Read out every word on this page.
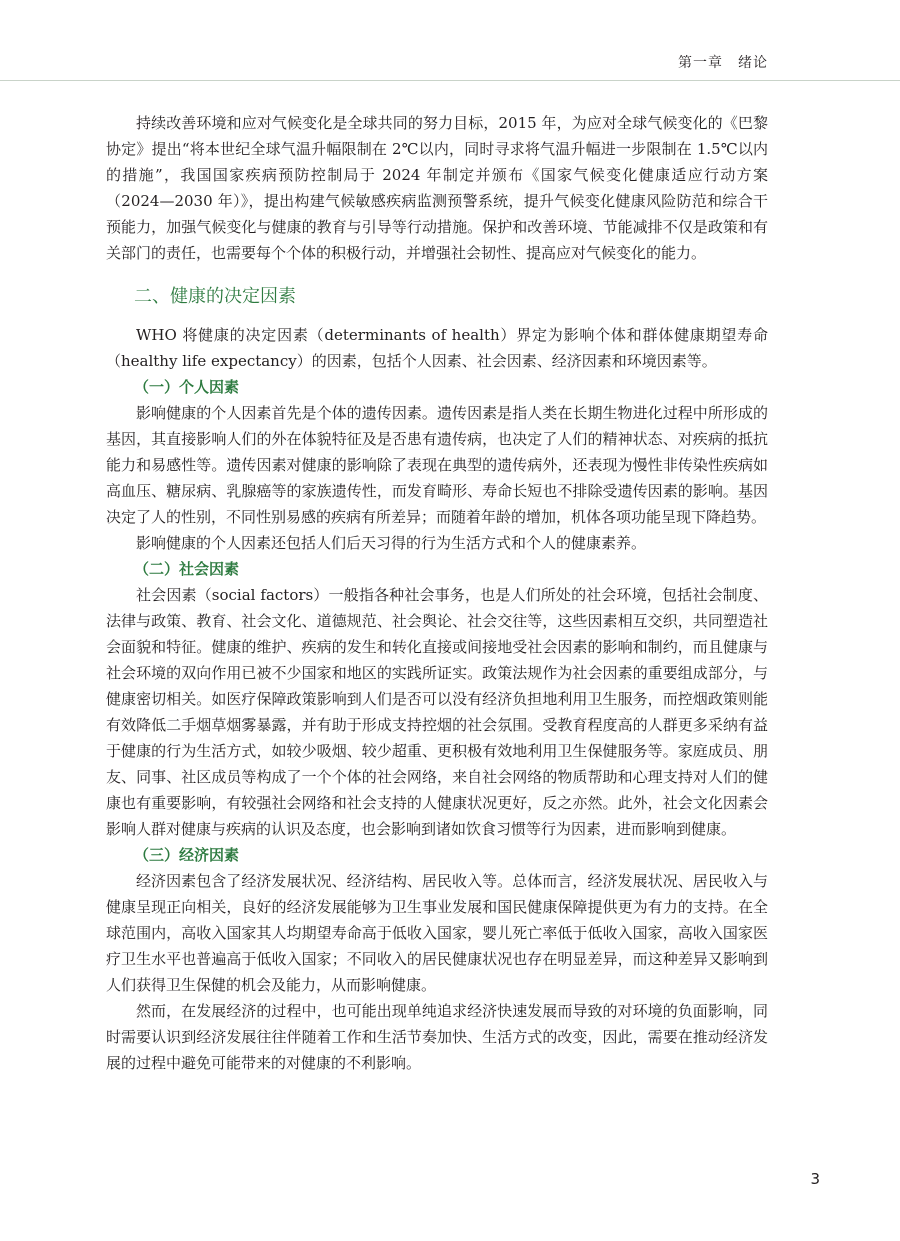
第一章　绪论

持续改善环境和应对气候变化是全球共同的努力目标，2015 年，为应对全球气候变化的《巴黎协定》提出“将本世纪全球气温升幅限制在 2℃以内，同时寻求将气温升幅进一步限制在 1.5℃以内的措施”，我国国家疾病预防控制局于 2024 年制定并颁布《国家气候变化健康适应行动方案（2024—2030 年）》，提出构建气候敏感疾病监测预警系统，提升气候变化健康风险防范和综合干预能力，加强气候变化与健康的教育与引导等行动措施。保护和改善环境、节能减排不仅是政策和有关部门的责任，也需要每个个体的积极行动，并增强社会韧性、提高应对气候变化的能力。

二、健康的决定因素

WHO 将健康的决定因素（determinants of health）界定为影响个体和群体健康期望寿命（healthy life expectancy）的因素，包括个人因素、社会因素、经济因素和环境因素等。

（一）个人因素

影响健康的个人因素首先是个体的遗传因素。遗传因素是指人类在长期生物进化过程中所形成的基因，其直接影响人们的外在体貌特征及是否患有遗传病，也决定了人们的精神状态、对疾病的抵抗能力和易感性等。遗传因素对健康的影响除了表现在典型的遗传病外，还表现为慢性非传染性疾病如高血压、糖尿病、乳腺癌等的家族遗传性，而发育畸形、寿命长短也不排除受遗传因素的影响。基因决定了人的性别，不同性别易感的疾病有所差异；而随着年龄的增加，机体各项功能呈现下降趋势。

影响健康的个人因素还包括人们后天习得的行为生活方式和个人的健康素养。

（二）社会因素

社会因素（social factors）一般指各种社会事务，也是人们所处的社会环境，包括社会制度、法律与政策、教育、社会文化、道德规范、社会舆论、社会交往等，这些因素相互交织，共同塑造社会面貌和特征。健康的维护、疾病的发生和转化直接或间接地受社会因素的影响和制约，而且健康与社会环境的双向作用已被不少国家和地区的实践所证实。政策法规作为社会因素的重要组成部分，与健康密切相关。如医疗保障政策影响到人们是否可以没有经济负担地利用卫生服务，而控烟政策则能有效降低二手烟草烟雾暴露，并有助于形成支持控烟的社会氛围。受教育程度高的人群更多采纳有益于健康的行为生活方式，如较少吸烟、较少超重、更积极有效地利用卫生保健服务等。家庭成员、朋友、同事、社区成员等构成了一个个体的社会网络，来自社会网络的物质帮助和心理支持对人们的健康也有重要影响，有较强社会网络和社会支持的人健康状况更好，反之亦然。此外，社会文化因素会影响人群对健康与疾病的认识及态度，也会影响到诸如饮食习惯等行为因素，进而影响到健康。

（三）经济因素

经济因素包含了经济发展状况、经济结构、居民收入等。总体而言，经济发展状况、居民收入与健康呈现正向相关，良好的经济发展能够为卫生事业发展和国民健康保障提供更为有力的支持。在全球范围内，高收入国家其人均期望寿命高于低收入国家，婴儿死亡率低于低收入国家，高收入国家医疗卫生水平也普遍高于低收入国家；不同收入的居民健康状况也存在明显差异，而这种差异又影响到人们获得卫生保健的机会及能力，从而影响健康。

然而，在发展经济的过程中，也可能出现单纯追求经济快速发展而导致的对环境的负面影响，同时需要认识到经济发展往往伴随着工作和生活节奏加快、生活方式的改变，因此，需要在推动经济发展的过程中避免可能带来的对健康的不利影响。

3
